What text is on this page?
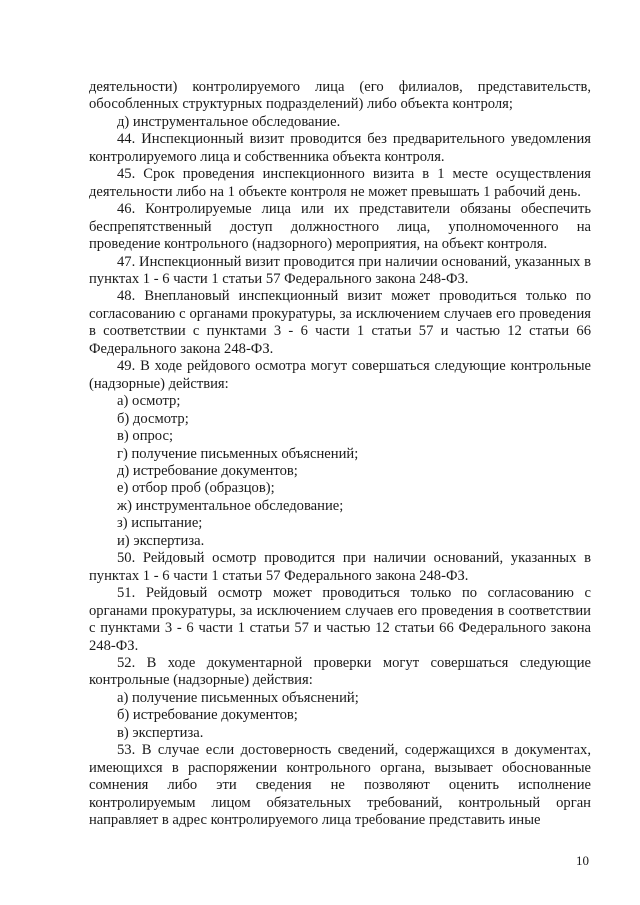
деятельности) контролируемого лица (его филиалов, представительств, обособленных структурных подразделений) либо объекта контроля;

д) инструментальное обследование.

44. Инспекционный визит проводится без предварительного уведомления контролируемого лица и собственника объекта контроля.

45. Срок проведения инспекционного визита в 1 месте осуществления деятельности либо на 1 объекте контроля не может превышать 1 рабочий день.

46. Контролируемые лица или их представители обязаны обеспечить беспрепятственный доступ должностного лица, уполномоченного на проведение контрольного (надзорного) мероприятия, на объект контроля.

47. Инспекционный визит проводится при наличии оснований, указанных в пунктах 1 - 6 части 1 статьи 57 Федерального закона 248-ФЗ.

48. Внеплановый инспекционный визит может проводиться только по согласованию с органами прокуратуры, за исключением случаев его проведения в соответствии с пунктами 3 - 6 части 1 статьи 57 и частью 12 статьи 66 Федерального закона 248-ФЗ.

49. В ходе рейдового осмотра могут совершаться следующие контрольные (надзорные) действия:

а) осмотр;

б) досмотр;

в) опрос;

г) получение письменных объяснений;

д) истребование документов;

е) отбор проб (образцов);

ж) инструментальное обследование;

з) испытание;

и) экспертиза.

50. Рейдовый осмотр проводится при наличии оснований, указанных в пунктах 1 - 6 части 1 статьи 57 Федерального закона 248-ФЗ.

51. Рейдовый осмотр может проводиться только по согласованию с органами прокуратуры, за исключением случаев его проведения в соответствии с пунктами 3 - 6 части 1 статьи 57 и частью 12 статьи 66 Федерального закона 248-ФЗ.

52. В ходе документарной проверки могут совершаться следующие контрольные (надзорные) действия:

а) получение письменных объяснений;

б) истребование документов;

в) экспертиза.

53. В случае если достоверность сведений, содержащихся в документах, имеющихся в распоряжении контрольного органа, вызывает обоснованные сомнения либо эти сведения не позволяют оценить исполнение контролируемым лицом обязательных требований, контрольный орган направляет в адрес контролируемого лица требование представить иные

10
